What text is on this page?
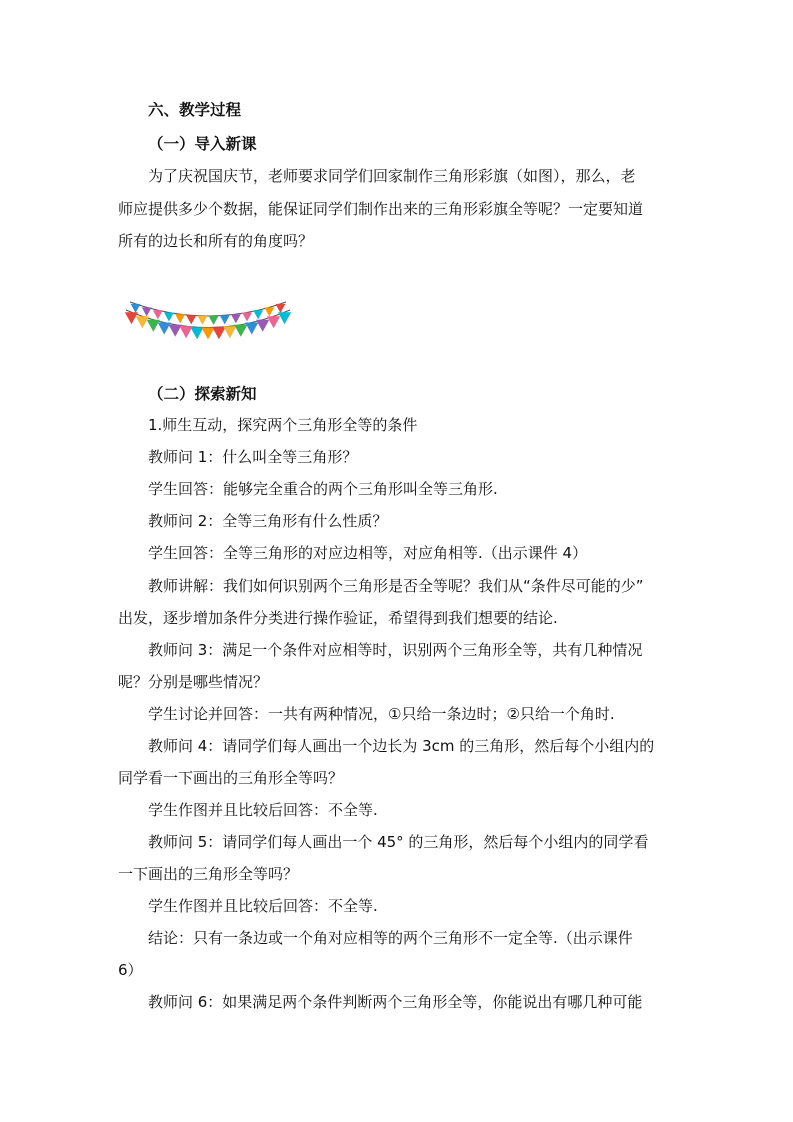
六、教学过程
（一）导入新课
为了庆祝国庆节，老师要求同学们回家制作三角形彩旗（如图），那么，老
师应提供多少个数据，能保证同学们制作出来的三角形彩旗全等呢？一定要知道
所有的边长和所有的角度吗？
（二）探索新知
1.师生互动，探究两个三角形全等的条件
教师问 1：什么叫全等三角形？
学生回答：能够完全重合的两个三角形叫全等三角形.
教师问 2：全等三角形有什么性质？
学生回答：全等三角形的对应边相等，对应角相等.（出示课件 4）
教师讲解：我们如何识别两个三角形是否全等呢？我们从“条件尽可能的少”
出发，逐步增加条件分类进行操作验证，希望得到我们想要的结论.
教师问 3：满足一个条件对应相等时，识别两个三角形全等，共有几种情况
呢？分别是哪些情况？
学生讨论并回答：一共有两种情况，①只给一条边时；②只给一个角时.
教师问 4：请同学们每人画出一个边长为 3cm 的三角形，然后每个小组内的
同学看一下画出的三角形全等吗？
学生作图并且比较后回答：不全等.
教师问 5：请同学们每人画出一个 45° 的三角形，然后每个小组内的同学看
一下画出的三角形全等吗？
学生作图并且比较后回答：不全等.
结论：只有一条边或一个角对应相等的两个三角形不一定全等.（出示课件
6）
教师问 6：如果满足两个条件判断两个三角形全等，你能说出有哪几种可能
